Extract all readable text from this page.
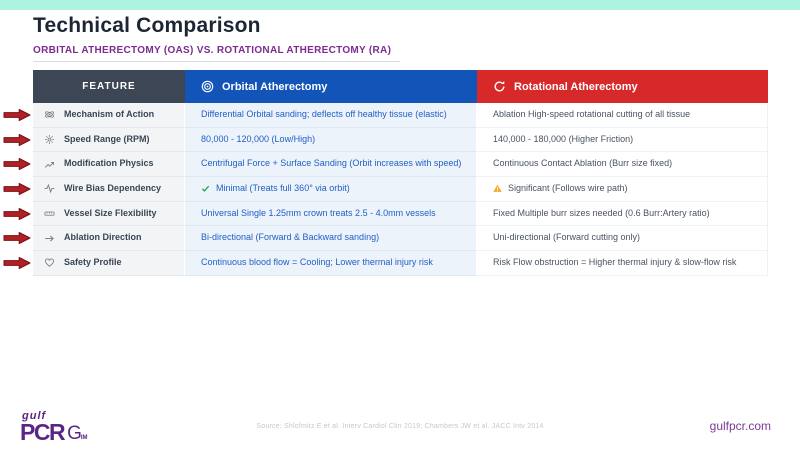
Technical Comparison
ORBITAL ATHERECTOMY (OAS) VS. ROTATIONAL ATHERECTOMY (RA)
FEATURE	Orbital Atherectomy	Rotational Atherectomy
Mechanism of Action	Differential Orbital sanding; deflects off healthy tissue (elastic)	Ablation High-speed rotational cutting of all tissue
Speed Range (RPM)	80,000 - 120,000 (Low/High)	140,000 - 180,000 (Higher Friction)
Modification Physics	Centrifugal Force + Surface Sanding (Orbit increases with speed)	Continuous Contact Ablation (Burr size fixed)
Wire Bias Dependency	Minimal (Treats full 360° via orbit)	Significant (Follows wire path)
Vessel Size Flexibility	Universal Single 1.25mm crown treats 2.5 - 4.0mm vessels	Fixed Multiple burr sizes needed (0.6 Burr:Artery ratio)
Ablation Direction	Bi-directional (Forward & Backward sanding)	Uni-directional (Forward cutting only)
Safety Profile	Continuous blood flow = Cooling; Lower thermal injury risk	Risk Flow obstruction = Higher thermal injury & slow-flow risk
gulf
PCR G IM
Source: Shlofmitz E et al. Interv Cardiol Clin 2019; Chambers JW et al. JACC Intv 2014	gulfpcr.com
